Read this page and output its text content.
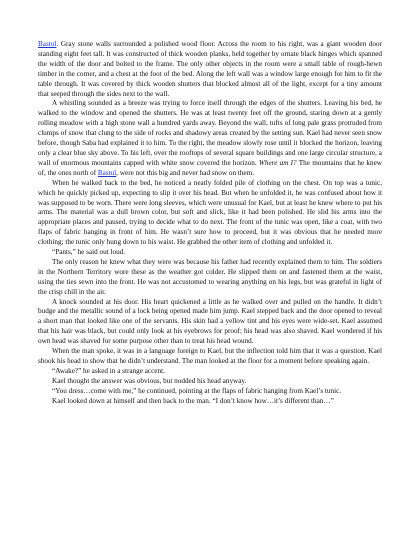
Bastul. Gray stone walls surrounded a polished wood floor. Across the room to his right, was a giant wooden door standing eight feet tall. It was constructed of thick wooden planks, held together by ornate black hinges which spanned the width of the door and bolted to the frame. The only other objects in the room were a small table of rough-hewn timber in the corner, and a chest at the foot of the bed. Along the left wall was a window large enough for him to fit the table through. It was covered by thick wooden shutters that blocked almost all of the light, except for a tiny amount that seeped through the sides next to the wall.

A whistling sounded as a breeze was trying to force itself through the edges of the shutters. Leaving his bed, he walked to the window and opened the shutters. He was at least twenty feet off the ground, staring down at a gently rolling meadow with a high stone wall a hundred yards away. Beyond the wall, tufts of long pale grass protruded from clumps of snow that clung to the side of rocks and shadowy areas created by the setting sun. Kael had never seen snow before, though Saba had explained it to him. To the right, the meadow slowly rose until it blocked the horizon, leaving only a clear blue sky above. To his left, over the rooftops of several square buildings and one large circular structure, a wall of enormous mountains capped with white snow covered the horizon. Where am I? The mountains that he knew of, the ones north of Bastul, were not this big and never had snow on them.

When he walked back to the bed, he noticed a neatly folded pile of clothing on the chest. On top was a tunic, which he quickly picked up, expecting to slip it over his head. But when he unfolded it, he was confused about how it was supposed to be worn. There were long sleeves, which were unusual for Kael, but at least he knew where to put his arms. The material was a dull brown color, but soft and slick, like it had been polished. He slid his arms into the appropriate places and paused, trying to decide what to do next. The front of the tunic was open, like a coat, with two flaps of fabric hanging in front of him. He wasn’t sure how to proceed, but it was obvious that he needed more clothing; the tunic only hung down to his waist. He grabbed the other item of clothing and unfolded it.

“Pants,” he said out loud.

The only reason he knew what they were was because his father had recently explained them to him. The soldiers in the Northern Territory wore these as the weather got colder. He slipped them on and fastened them at the waist, using the ties sewn into the front. He was not accustomed to wearing anything on his legs, but was grateful in light of the crisp chill in the air.

A knock sounded at his door. His heart quickened a little as he walked over and pulled on the handle. It didn’t budge and the metallic sound of a lock being opened made him jump. Kael stepped back and the door opened to reveal a short man that looked like one of the servants. His skin had a yellow tint and his eyes were wide-set. Kael assumed that his hair was black, but could only look at his eyebrows for proof; his head was also shaved. Kael wondered if his own head was shaved for some purpose other than to treat his head wound.

When the man spoke, it was in a language foreign to Kael, but the inflection told him that it was a question. Kael shook his head to show that he didn’t understand. The man looked at the floor for a moment before speaking again.

“Awake?” he asked in a strange accent.

Kael thought the answer was obvious, but nodded his head anyway.

“You dress…come with me,” he continued, pointing at the flaps of fabric hanging from Kael’s tunic.

Kael looked down at himself and then back to the man. “I don’t know how…it’s different than…”
